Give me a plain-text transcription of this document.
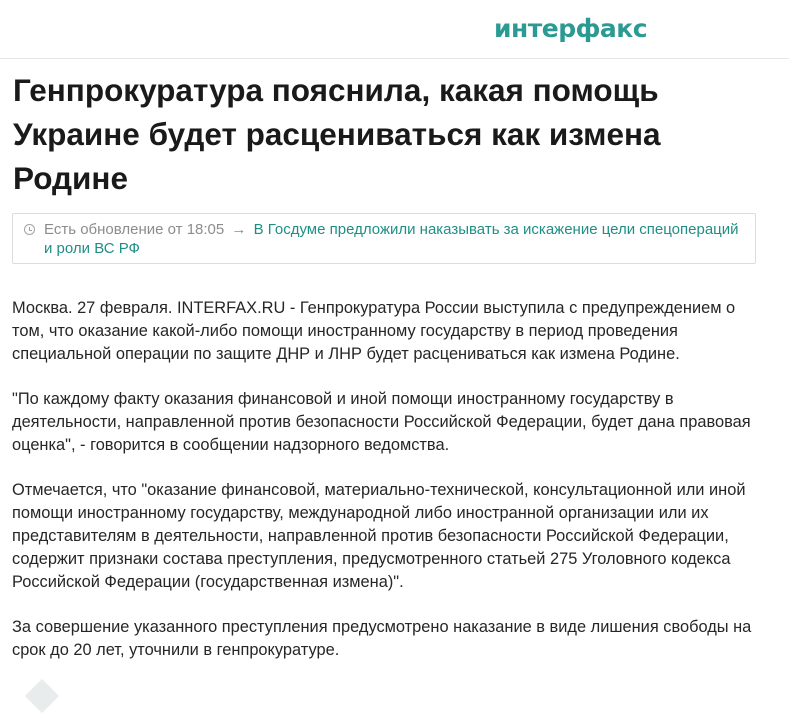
интерфакс
Генпрокуратура пояснила, какая помощь Украине будет расцениваться как измена Родине

Есть обновление от 18:05 → В Госдуме предложили наказывать за искажение цели спецопераций и роли ВС РФ

Москва. 27 февраля. INTERFAX.RU - Генпрокуратура России выступила с предупреждением о том, что оказание какой-либо помощи иностранному государству в период проведения специальной операции по защите ДНР и ЛНР будет расцениваться как измена Родине.

"По каждому факту оказания финансовой и иной помощи иностранному государству в деятельности, направленной против безопасности Российской Федерации, будет дана правовая оценка", - говорится в сообщении надзорного ведомства.

Отмечается, что "оказание финансовой, материально-технической, консультационной или иной помощи иностранному государству, международной либо иностранной организации или их представителям в деятельности, направленной против безопасности Российской Федерации, содержит признаки состава преступления, предусмотренного статьей 275 Уголовного кодекса Российской Федерации (государственная измена)".

За совершение указанного преступления предусмотрено наказание в виде лишения свободы на срок до 20 лет, уточнили в генпрокуратуре.
